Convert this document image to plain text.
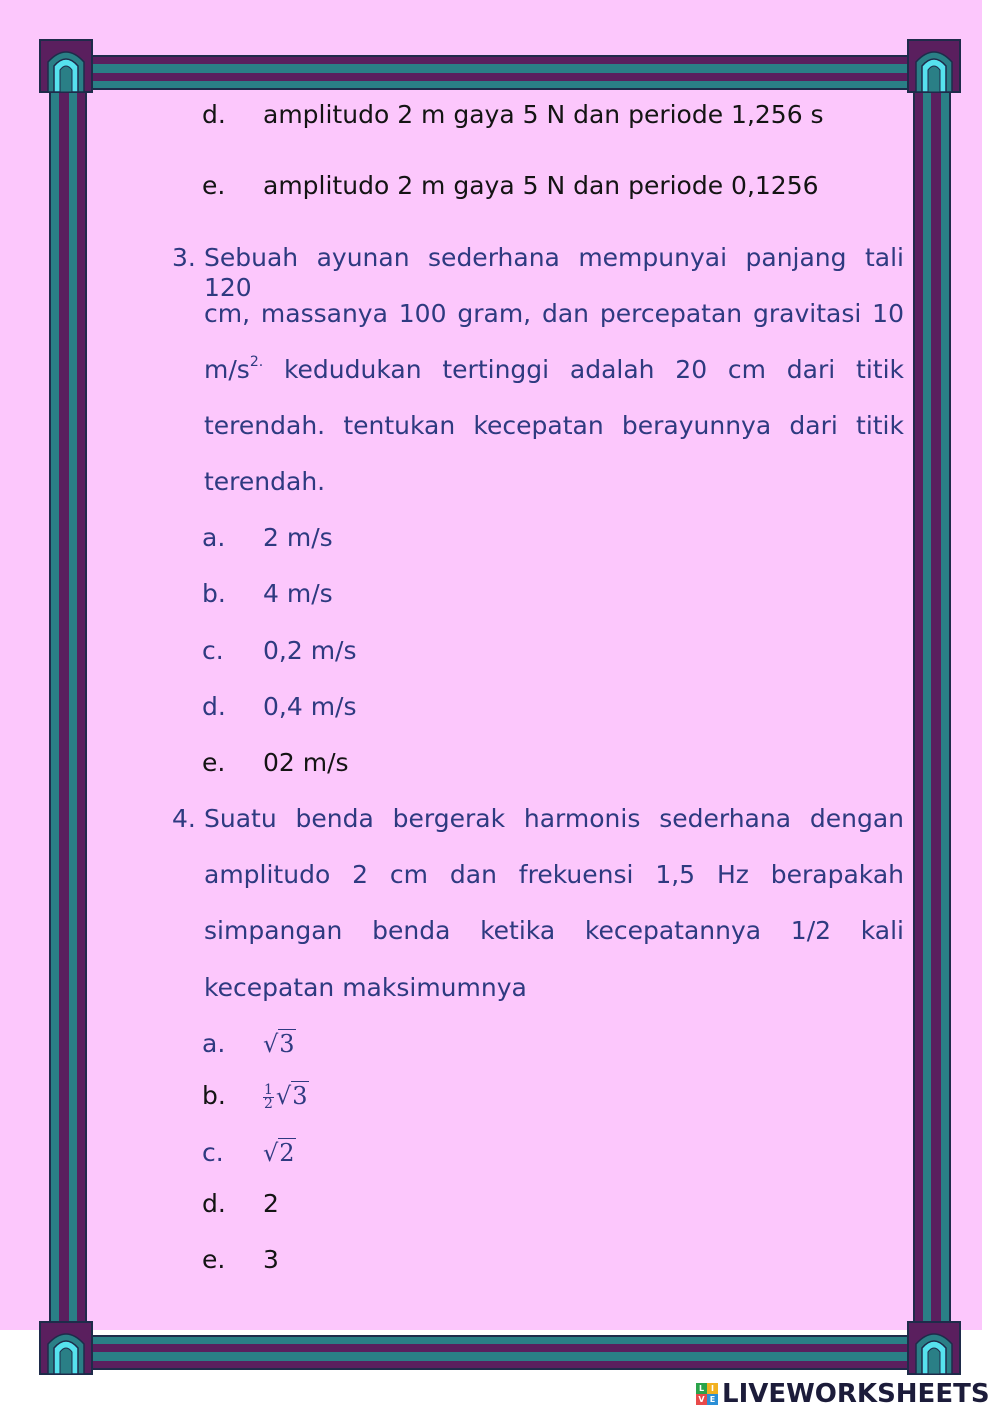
d. amplitudo 2 m gaya 5 N dan periode 1,256 s
e. amplitudo 2 m gaya 5 N dan periode 0,1256
3. Sebuah ayunan sederhana mempunyai panjang tali 120
cm, massanya 100 gram, dan percepatan gravitasi 10
$m/s^{2.}$ kedudukan tertinggi adalah 20 cm dari titik
terendah. tentukan kecepatan berayunnya dari titik
terendah.
a. 2 m/s
b. 4 m/s
c. 0,2 m/s
d. 0,4 m/s
e. 02 m/s
4. Suatu benda bergerak harmonis sederhana dengan
amplitudo 2 cm dan frekuensi 1,5 Hz berapakah
simpangan benda ketika kecepatannya 1/2 kali
kecepatan maksimumnya
a. √3
b.	$\frac{1}{2} √3$
c. √2
d. 2
e. 3
L I
V E LIVEWORKSHEETS
